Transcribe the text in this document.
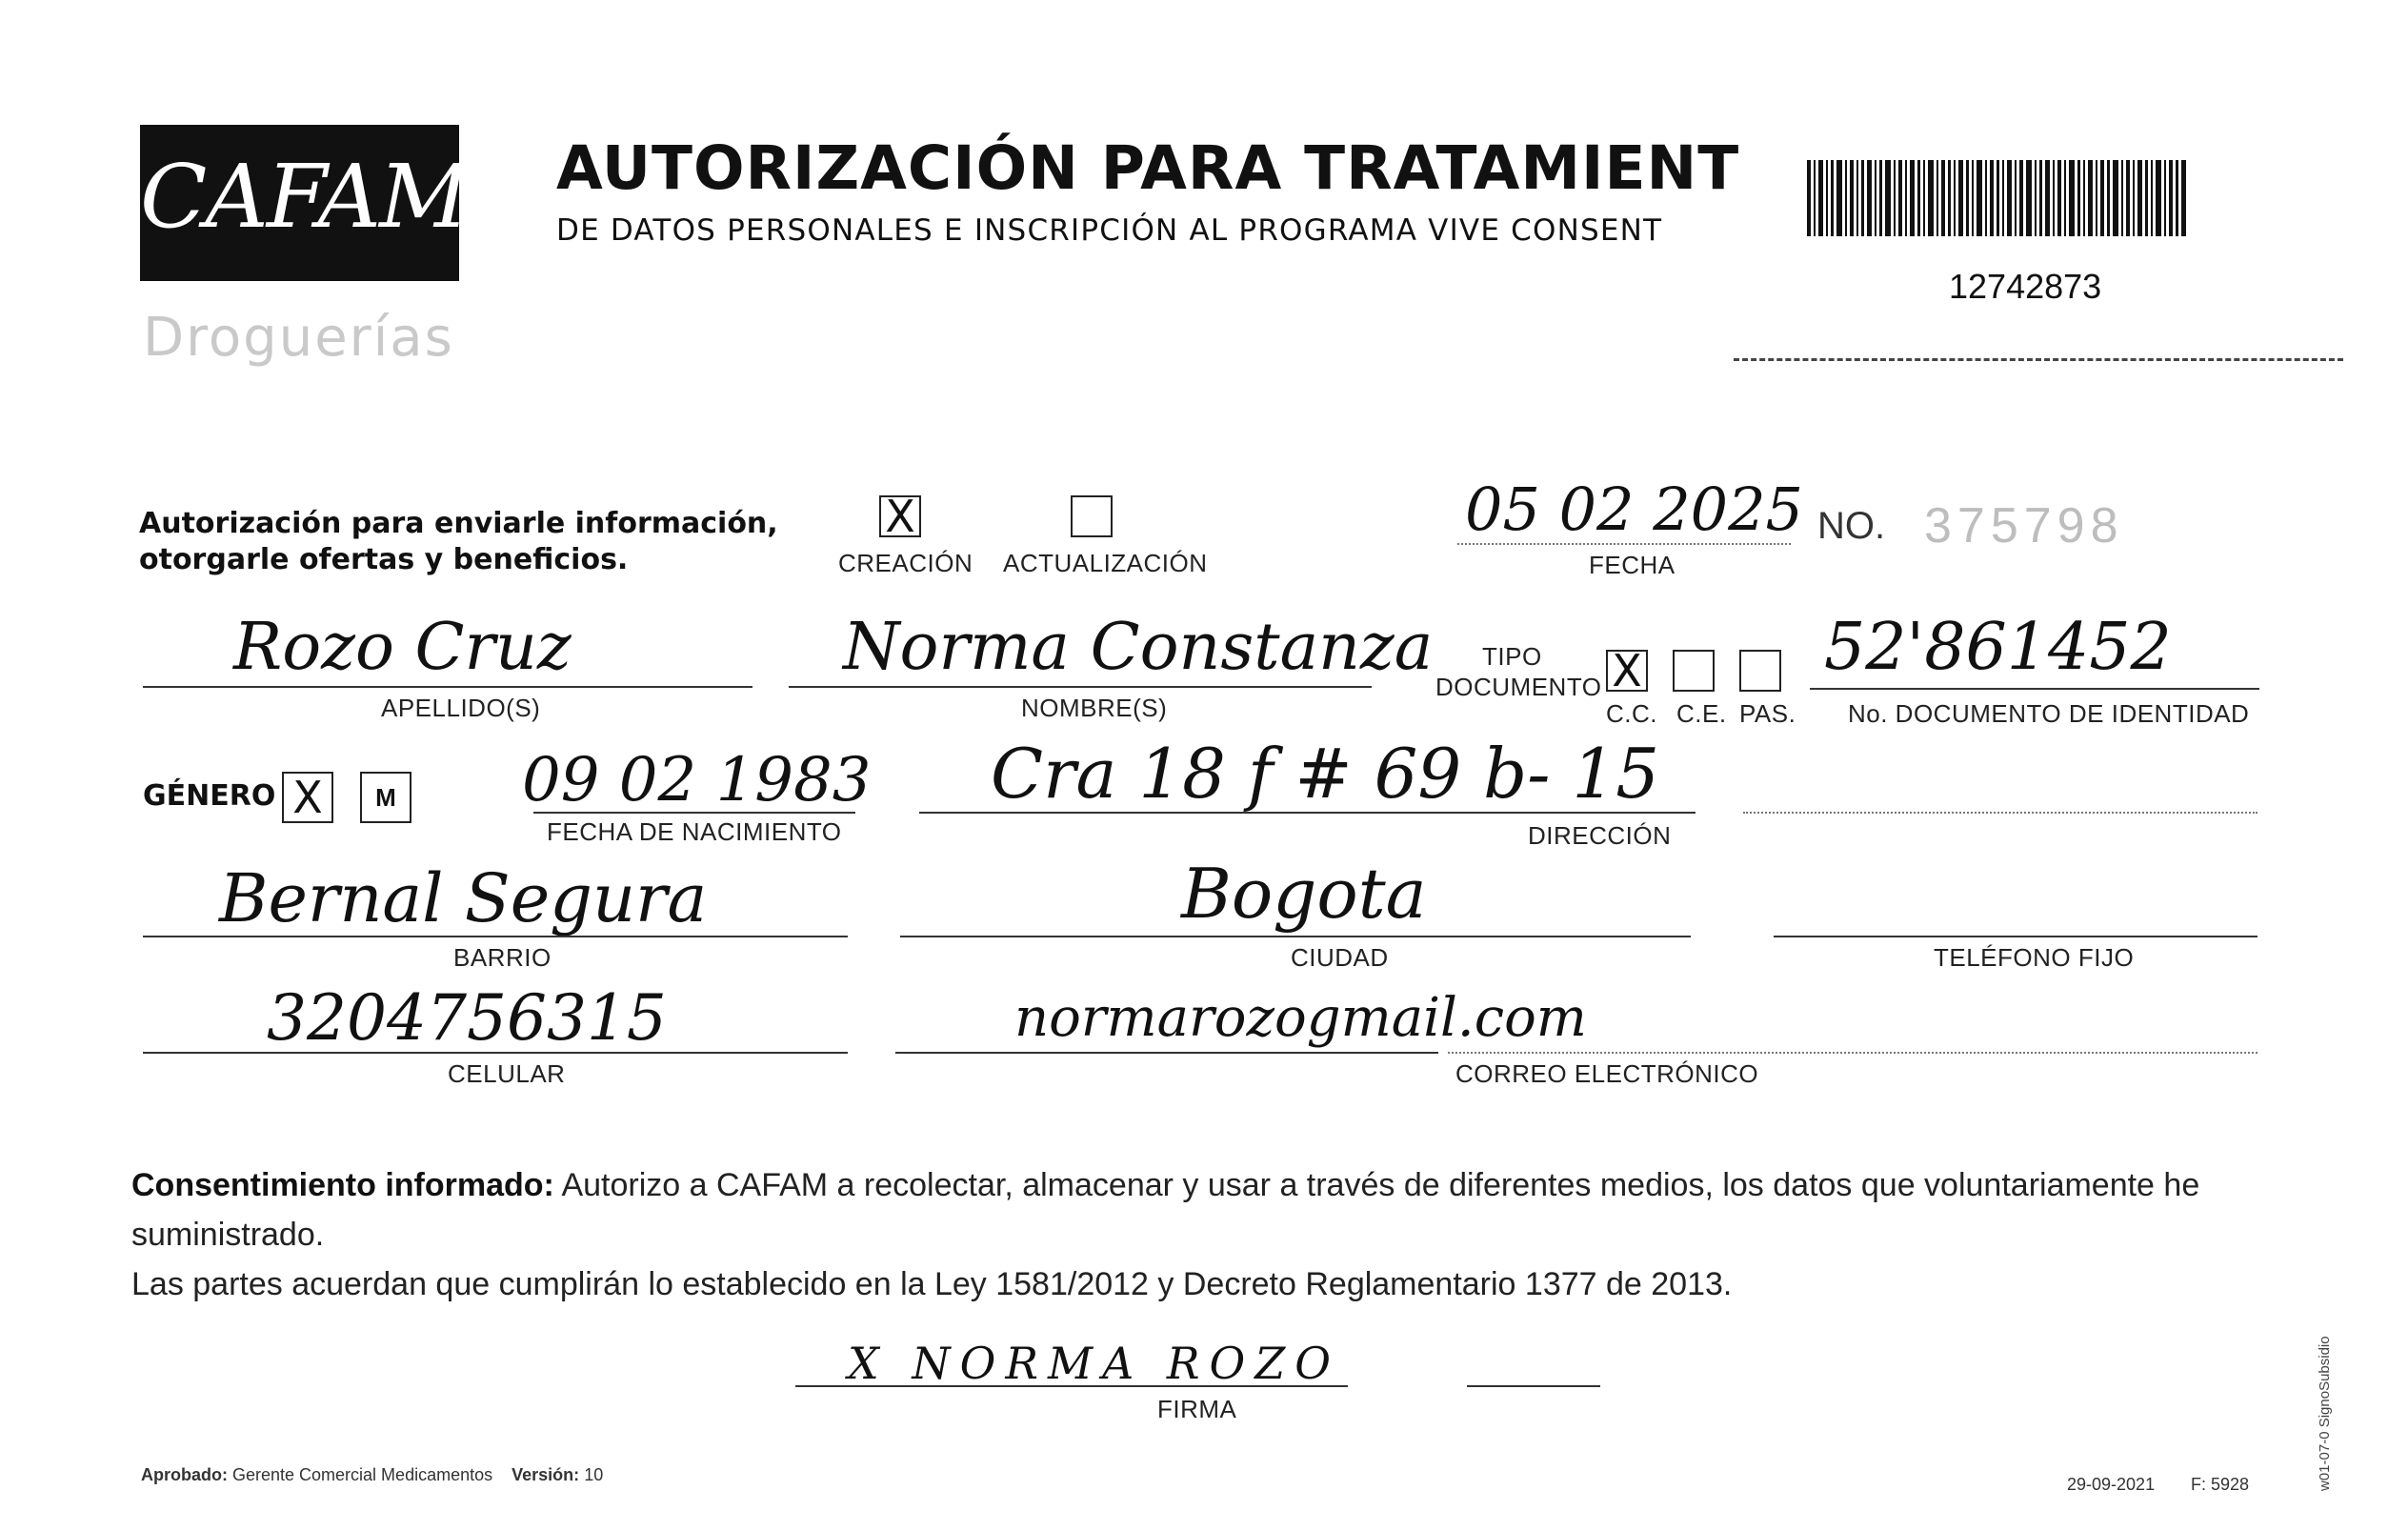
CAFAM
Droguerías
AUTORIZACIÓN PARA TRATAMIENT
DE DATOS PERSONALES E INSCRIPCIÓN AL PROGRAMA VIVE CONSENT
12742873
Autorización para enviarle información,
otorgarle ofertas y beneficios.
X
CREACIÓN ACTUALIZACIÓN
05 02 2025
FECHA
NO. 375798
Rozo Cruz
APELLIDO(S)
Norma Constanza
NOMBRE(S)
TIPO
DOCUMENTO X
C.C. C.E. PAS.
52'861452
No. DOCUMENTO DE IDENTIDAD
GÉNERO X	M 09 02 1983
FECHA DE NACIMIENTO
Cra 18 f # 69 b- 15
DIRECCIÓN
Bernal Segura
BARRIO
Bogota
CIUDAD	TELÉFONO FIJO
3204756315
CELULAR
normarozogmail.com
CORREO ELECTRÓNICO
Consentimiento informado: Autorizo a CAFAM a recolectar, almacenar y usar a través de diferentes medios, los datos que voluntariamente he suministrado.
Las partes acuerdan que cumplirán lo establecido en la Ley 1581/2012 y Decreto Reglamentario 1377 de 2013.
X NORMA ROZO
FIRMA
Aprobado: Gerente Comercial Medicamentos Versión: 10	29-09-2021 F: 5928	w01-07-0 SignoSubsidio
